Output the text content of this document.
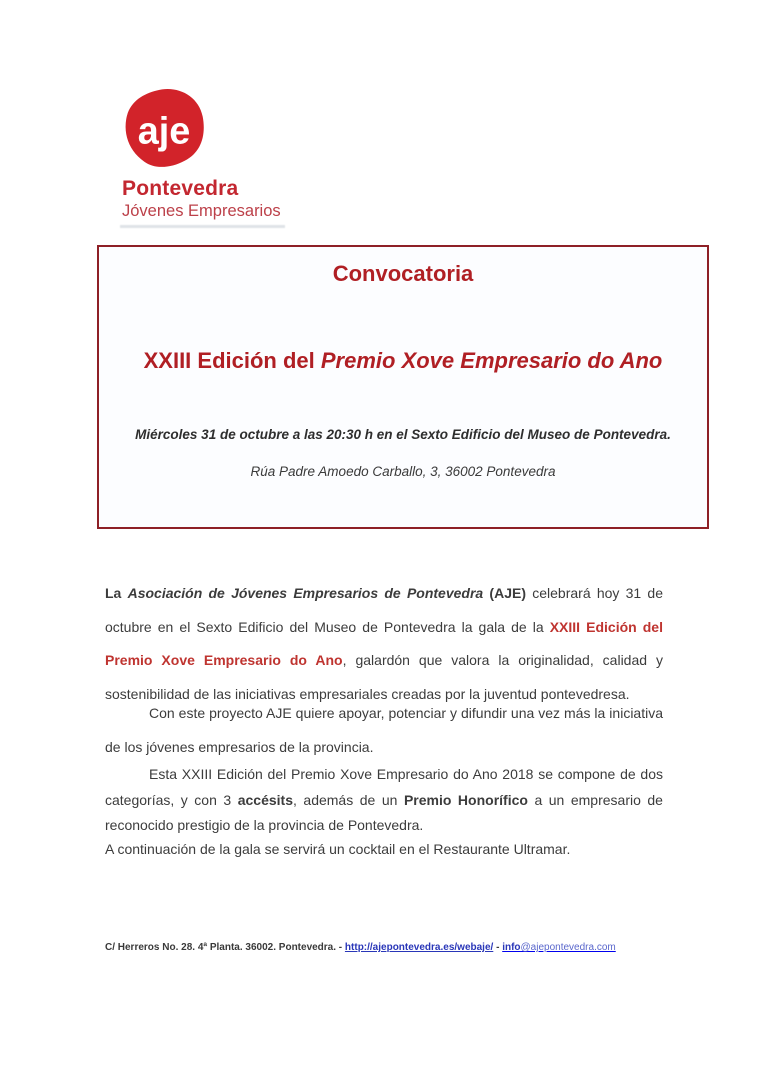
aje
Pontevedra
Jóvenes Empresarios
Convocatoria
XXIII Edición del Premio Xove Empresario do Ano
Miércoles 31 de octubre a las 20:30 h en el Sexto Edificio del Museo de Pontevedra.
Rúa Padre Amoedo Carballo, 3, 36002 Pontevedra

La Asociación de Jóvenes Empresarios de Pontevedra (AJE) celebrará hoy 31 de octubre en el Sexto Edificio del Museo de Pontevedra la gala de la XXIII Edición del Premio Xove Empresario do Ano, galardón que valora la originalidad, calidad y sostenibilidad de las iniciativas empresariales creadas por la juventud pontevedresa.

Con este proyecto AJE quiere apoyar, potenciar y difundir una vez más la iniciativa de los jóvenes empresarios de la provincia.

Esta XXIII Edición del Premio Xove Empresario do Ano 2018 se compone de dos categorías, y con 3 accésits, además de un Premio Honorífico a un empresario de reconocido prestigio de la provincia de Pontevedra.

A continuación de la gala se servirá un cocktail en el Restaurante Ultramar.

C/ Herreros No. 28. 4ª Planta. 36002. Pontevedra. - http://ajepontevedra.es/webaje/ - info@ajepontevedra.com
